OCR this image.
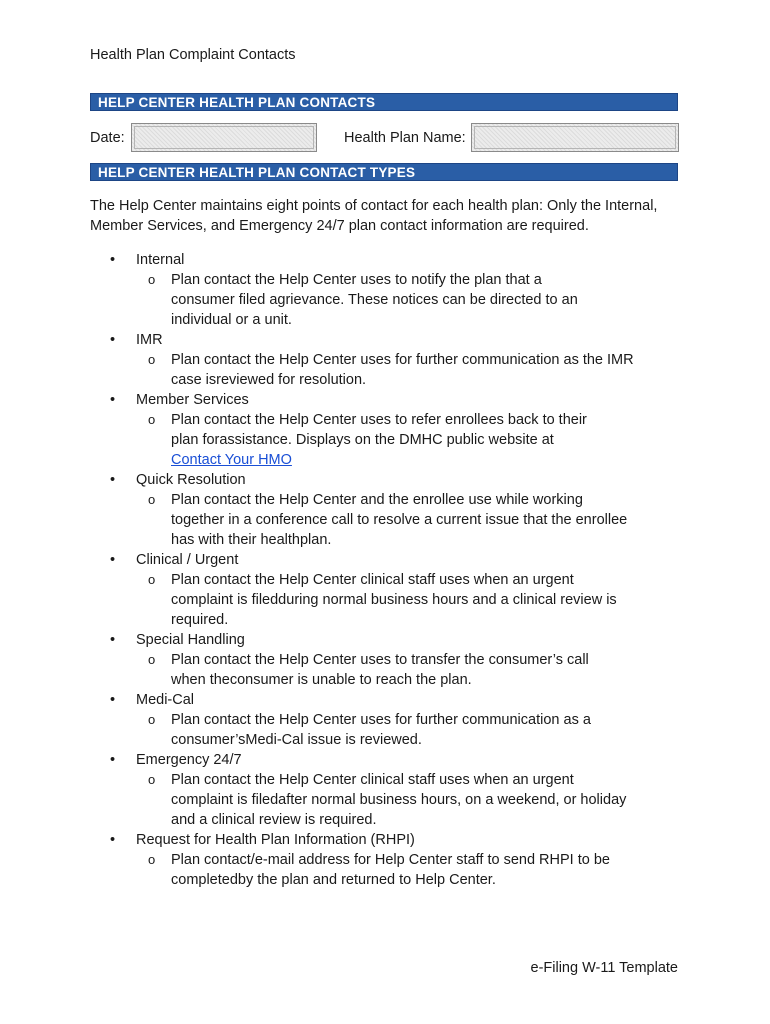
Health Plan Complaint Contacts
HELP CENTER HEALTH PLAN CONTACTS
Date:	Health Plan Name:
HELP CENTER HEALTH PLAN CONTACT TYPES
The Help Center maintains eight points of contact for each health plan: Only the Internal, Member Services, and Emergency 24/7 plan contact information are required.
• Internal
o Plan contact the Help Center uses to notify the plan that a
consumer filed agrievance. These notices can be directed to an
individual or a unit.
• IMR
o Plan contact the Help Center uses for further communication as the IMR
case isreviewed for resolution.
• Member Services
o Plan contact the Help Center uses to refer enrollees back to their
plan forassistance. Displays on the DMHC public website at
Contact Your HMO
• Quick Resolution
o Plan contact the Help Center and the enrollee use while working
together in a conference call to resolve a current issue that the enrollee
has with their healthplan.
• Clinical / Urgent
o Plan contact the Help Center clinical staff uses when an urgent
complaint is filedduring normal business hours and a clinical review is
required.
• Special Handling
o Plan contact the Help Center uses to transfer the consumer’s call
when theconsumer is unable to reach the plan.
• Medi-Cal
o Plan contact the Help Center uses for further communication as a
consumer’sMedi-Cal issue is reviewed.
• Emergency 24/7
o Plan contact the Help Center clinical staff uses when an urgent
complaint is filedafter normal business hours, on a weekend, or holiday
and a clinical review is required.
• Request for Health Plan Information (RHPI)
o Plan contact/e-mail address for Help Center staff to send RHPI to be
completedby the plan and returned to Help Center.
e-Filing W-11 Template
